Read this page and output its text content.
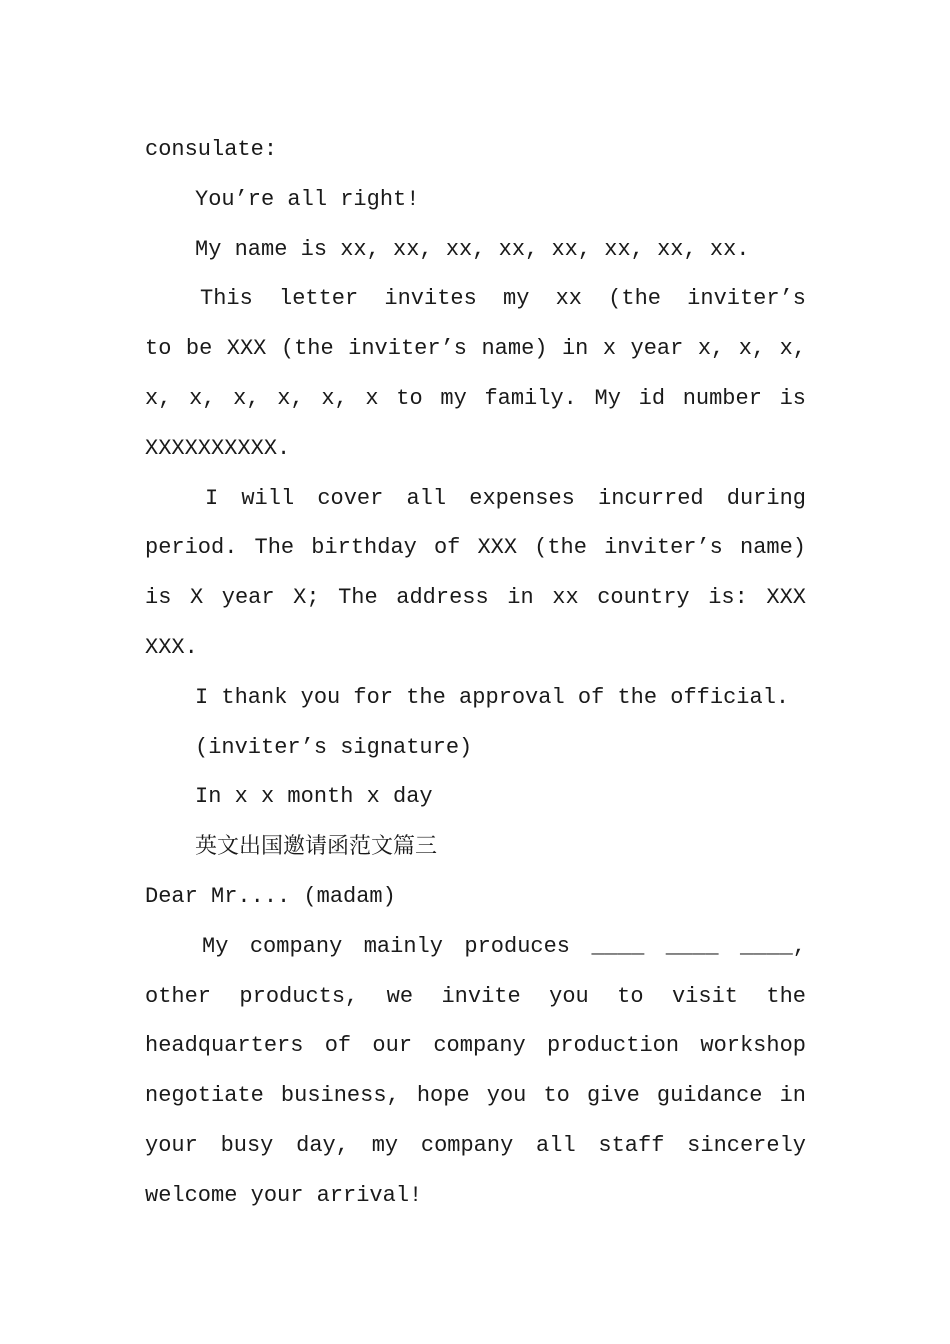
consulate:
You’re all right!
My name is xx, xx, xx, xx, xx, xx, xx, xx.
This letter invites my xx (the inviter’s
to be XXX (the inviter’s name) in x year x, x, x,
x, x, x, x, x, x to my family. My id number is
XXXXXXXXXX.
I will cover all expenses incurred during
period. The birthday of XXX (the inviter’s name)
is X year X; The address in xx country is: XXX
XXX.
I thank you for the approval of the official.
(inviter’s signature)
In x x month x day
英文出国邀请函范文篇三
Dear Mr.... (madam)
My company mainly produces ____ ____ ____,
other products, we invite you to visit the
headquarters of our company production workshop
negotiate business, hope you to give guidance in
your busy day, my company all staff sincerely
welcome your arrival!
